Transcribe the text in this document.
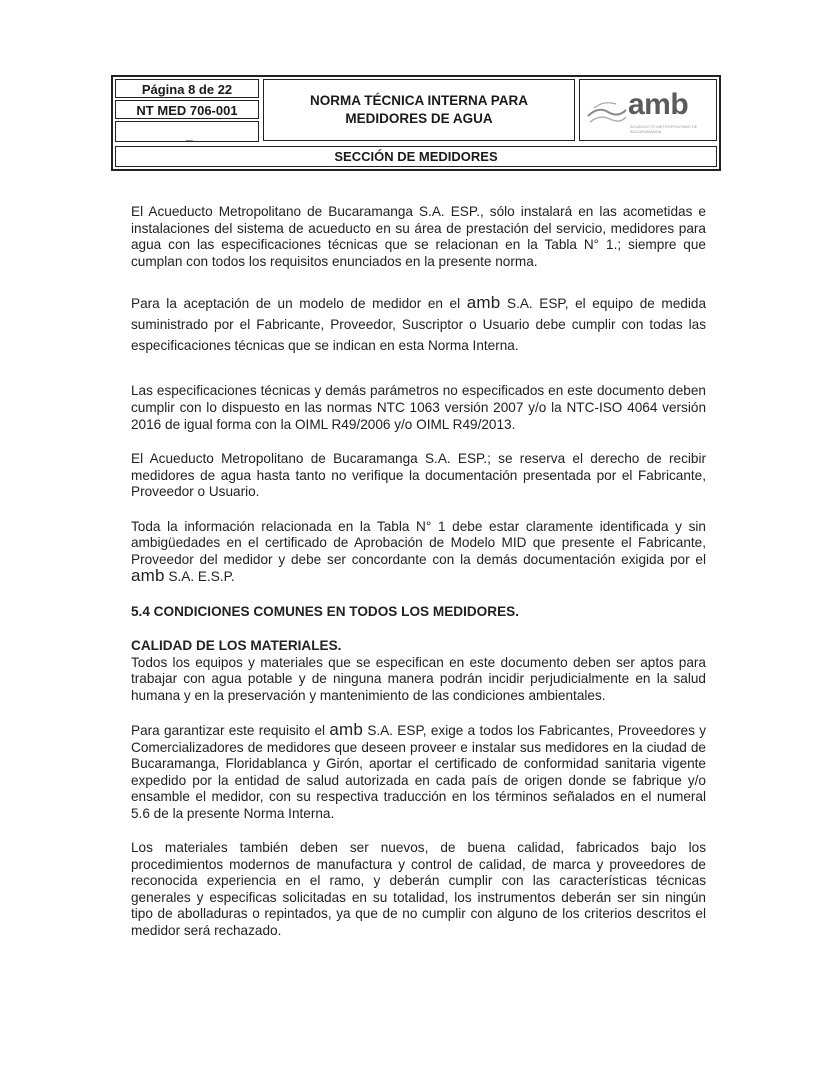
Página 8 de 22
NT MED 706-001
_
NORMA TÉCNICA INTERNA PARA MEDIDORES DE AGUA	amb
ACUEDUCTO METROPOLITANO DE BUCARAMANGA
SECCIÓN DE MEDIDORES

El Acueducto Metropolitano de Bucaramanga S.A. ESP., sólo instalará en las acometidas e instalaciones del sistema de acueducto en su área de prestación del servicio, medidores para agua con las especificaciones técnicas que se relacionan en la Tabla N° 1.; siempre que cumplan con todos los requisitos enunciados en la presente norma.

Para la aceptación de un modelo de medidor en el amb S.A. ESP, el equipo de medida suministrado por el Fabricante, Proveedor, Suscriptor o Usuario debe cumplir con todas las especificaciones técnicas que se indican en esta Norma Interna.

Las especificaciones técnicas y demás parámetros no especificados en este documento deben cumplir con lo dispuesto en las normas NTC 1063 versión 2007 y/o la NTC-ISO 4064 versión 2016 de igual forma con la OIML R49/2006 y/o OIML R49/2013.

El Acueducto Metropolitano de Bucaramanga S.A. ESP.; se reserva el derecho de recibir medidores de agua hasta tanto no verifique la documentación presentada por el Fabricante, Proveedor o Usuario.

Toda la información relacionada en la Tabla N° 1 debe estar claramente identificada y sin ambigüedades en el certificado de Aprobación de Modelo MID que presente el Fabricante, Proveedor del medidor y debe ser concordante con la demás documentación exigida por el amb S.A. E.S.P.

5.4 CONDICIONES COMUNES EN TODOS LOS MEDIDORES.

CALIDAD DE LOS MATERIALES.

Todos los equipos y materiales que se especifican en este documento deben ser aptos para trabajar con agua potable y de ninguna manera podrán incidir perjudicialmente en la salud humana y en la preservación y mantenimiento de las condiciones ambientales.

Para garantizar este requisito el amb S.A. ESP, exige a todos los Fabricantes, Proveedores y Comercializadores de medidores que deseen proveer e instalar sus medidores en la ciudad de Bucaramanga, Floridablanca y Girón, aportar el certificado de conformidad sanitaria vigente expedido por la entidad de salud autorizada en cada país de origen donde se fabrique y/o ensamble el medidor, con su respectiva traducción en los términos señalados en el numeral 5.6 de la presente Norma Interna.

Los materiales también deben ser nuevos, de buena calidad, fabricados bajo los procedimientos modernos de manufactura y control de calidad, de marca y proveedores de reconocida experiencia en el ramo, y deberán cumplir con las características técnicas generales y especificas solicitadas en su totalidad, los instrumentos deberán ser sin ningún tipo de abolladuras o repintados, ya que de no cumplir con alguno de los criterios descritos el medidor será rechazado.
